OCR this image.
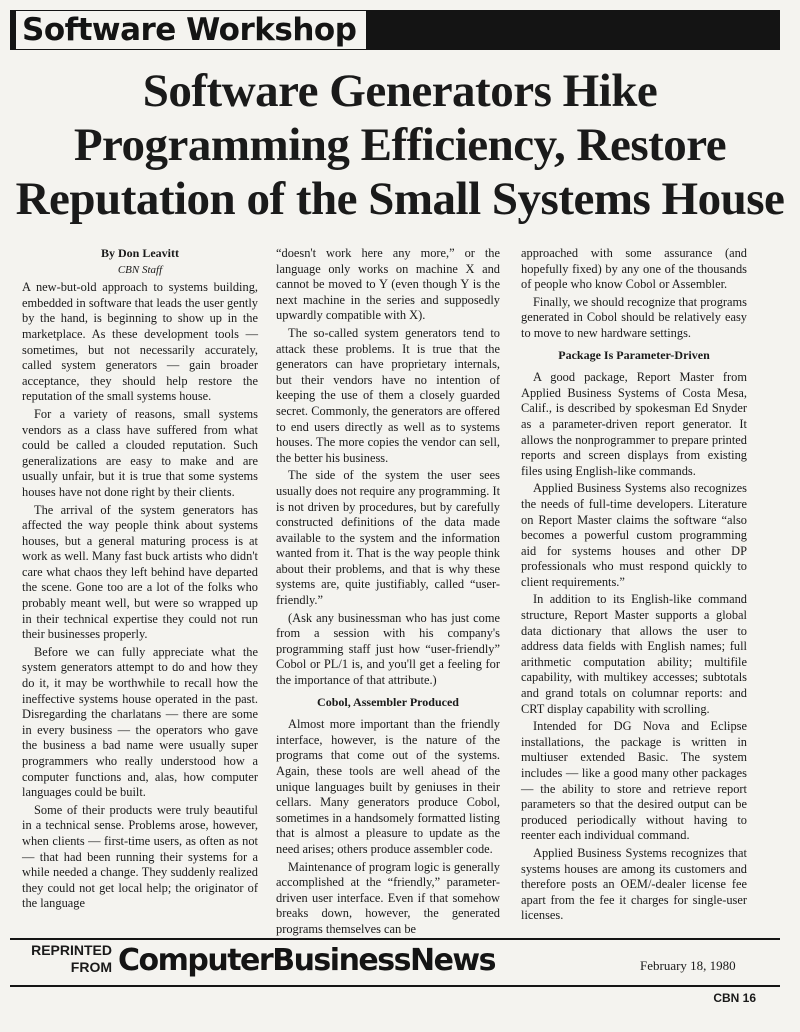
Software Workshop
Software Generators Hike Programming Efficiency, Restore Reputation of the Small Systems House
By Don Leavitt
CBN Staff

A new-but-old approach to systems building, embedded in software that leads the user gently by the hand, is beginning to show up in the marketplace. As these development tools — sometimes, but not necessarily accurately, called system generators — gain broader acceptance, they should help restore the reputation of the small systems house.

For a variety of reasons, small systems vendors as a class have suffered from what could be called a clouded reputation. Such generalizations are easy to make and are usually unfair, but it is true that some systems houses have not done right by their clients.

The arrival of the system generators has affected the way people think about systems houses, but a general maturing process is at work as well. Many fast buck artists who didn't care what chaos they left behind have departed the scene. Gone too are a lot of the folks who probably meant well, but were so wrapped up in their technical expertise they could not run their businesses properly.

Before we can fully appreciate what the system generators attempt to do and how they do it, it may be worthwhile to recall how the ineffective systems house operated in the past. Disregarding the charlatans — there are some in every business — the operators who gave the business a bad name were usually super programmers who really understood how a computer functions and, alas, how computer languages could be built.

Some of their products were truly beautiful in a technical sense. Problems arose, however, when clients — first-time users, as often as not — that had been running their systems for a while needed a change. They suddenly realized they could not get local help; the originator of the language

“doesn't work here any more,” or the language only works on machine X and cannot be moved to Y (even though Y is the next machine in the series and supposedly upwardly compatible with X).

The so-called system generators tend to attack these problems. It is true that the generators can have proprietary internals, but their vendors have no intention of keeping the use of them a closely guarded secret. Commonly, the generators are offered to end users directly as well as to systems houses. The more copies the vendor can sell, the better his business.

The side of the system the user sees usually does not require any programming. It is not driven by procedures, but by carefully constructed definitions of the data made available to the system and the information wanted from it. That is the way people think about their problems, and that is why these systems are, quite justifiably, called “user-friendly.”

(Ask any businessman who has just come from a session with his company's programming staff just how “user-friendly” Cobol or PL/1 is, and you'll get a feeling for the importance of that attribute.)

Cobol, Assembler Produced

Almost more important than the friendly interface, however, is the nature of the programs that come out of the systems. Again, these tools are well ahead of the unique languages built by geniuses in their cellars. Many generators produce Cobol, sometimes in a handsomely formatted listing that is almost a pleasure to update as the need arises; others produce assembler code.

Maintenance of program logic is generally accomplished at the “friendly,” parameter-driven user interface. Even if that somehow breaks down, however, the generated programs themselves can be

approached with some assurance (and hopefully fixed) by any one of the thousands of people who know Cobol or Assembler.

Finally, we should recognize that programs generated in Cobol should be relatively easy to move to new hardware settings.

Package Is Parameter-Driven

A good package, Report Master from Applied Business Systems of Costa Mesa, Calif., is described by spokesman Ed Snyder as a parameter-driven report generator. It allows the nonprogrammer to prepare printed reports and screen displays from existing files using English-like commands.

Applied Business Systems also recognizes the needs of full-time developers. Literature on Report Master claims the software “also becomes a powerful custom programming aid for systems houses and other DP professionals who must respond quickly to client requirements.”

In addition to its English-like command structure, Report Master supports a global data dictionary that allows the user to address data fields with English names; full arithmetic computation ability; multifile capability, with multikey accesses; subtotals and grand totals on columnar reports: and CRT display capability with scrolling.

Intended for DG Nova and Eclipse installations, the package is written in multiuser extended Basic. The system includes — like a good many other packages — the ability to store and retrieve report parameters so that the desired output can be produced periodically without having to reenter each individual command.

Applied Business Systems recognizes that systems houses are among its customers and therefore posts an OEM/-dealer license fee apart from the fee it charges for single-user licenses.

REPRINTED
FROM ComputerBusinessNews	February 18, 1980
CBN 16
